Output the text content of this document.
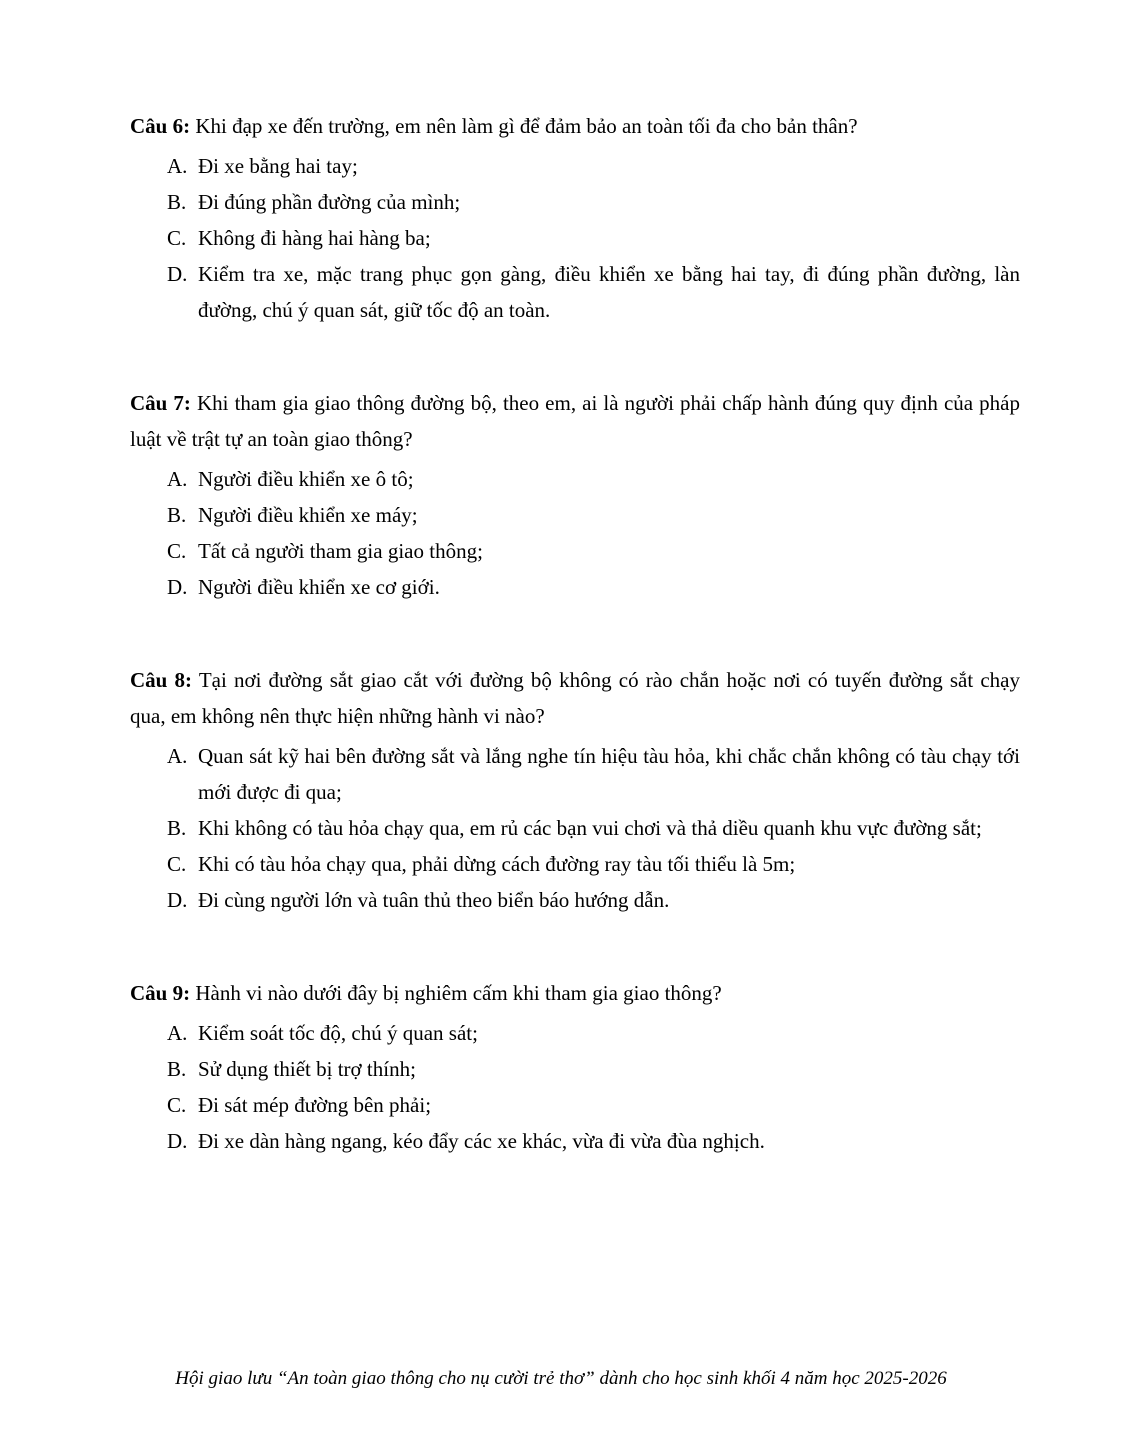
Câu 6: Khi đạp xe đến trường, em nên làm gì để đảm bảo an toàn tối đa cho bản thân?

A. Đi xe bằng hai tay;
B. Đi đúng phần đường của mình;
C. Không đi hàng hai hàng ba;
D. Kiểm tra xe, mặc trang phục gọn gàng, điều khiển xe bằng hai tay, đi đúng phần đường, làn đường, chú ý quan sát, giữ tốc độ an toàn.

Câu 7: Khi tham gia giao thông đường bộ, theo em, ai là người phải chấp hành đúng quy định của pháp luật về trật tự an toàn giao thông?

A. Người điều khiển xe ô tô;
B. Người điều khiển xe máy;
C. Tất cả người tham gia giao thông;
D. Người điều khiển xe cơ giới.

Câu 8: Tại nơi đường sắt giao cắt với đường bộ không có rào chắn hoặc nơi có tuyến đường sắt chạy qua, em không nên thực hiện những hành vi nào?

A. Quan sát kỹ hai bên đường sắt và lắng nghe tín hiệu tàu hỏa, khi chắc chắn không có tàu chạy tới mới được đi qua;
B. Khi không có tàu hỏa chạy qua, em rủ các bạn vui chơi và thả diều quanh khu vực đường sắt;
C. Khi có tàu hỏa chạy qua, phải dừng cách đường ray tàu tối thiểu là 5m;
D. Đi cùng người lớn và tuân thủ theo biển báo hướng dẫn.

Câu 9: Hành vi nào dưới đây bị nghiêm cấm khi tham gia giao thông?

A. Kiểm soát tốc độ, chú ý quan sát;
B. Sử dụng thiết bị trợ thính;
C. Đi sát mép đường bên phải;
D. Đi xe dàn hàng ngang, kéo đẩy các xe khác, vừa đi vừa đùa nghịch.
Hội giao lưu “An toàn giao thông cho nụ cười trẻ thơ” dành cho học sinh khối 4 năm học 2025-2026
